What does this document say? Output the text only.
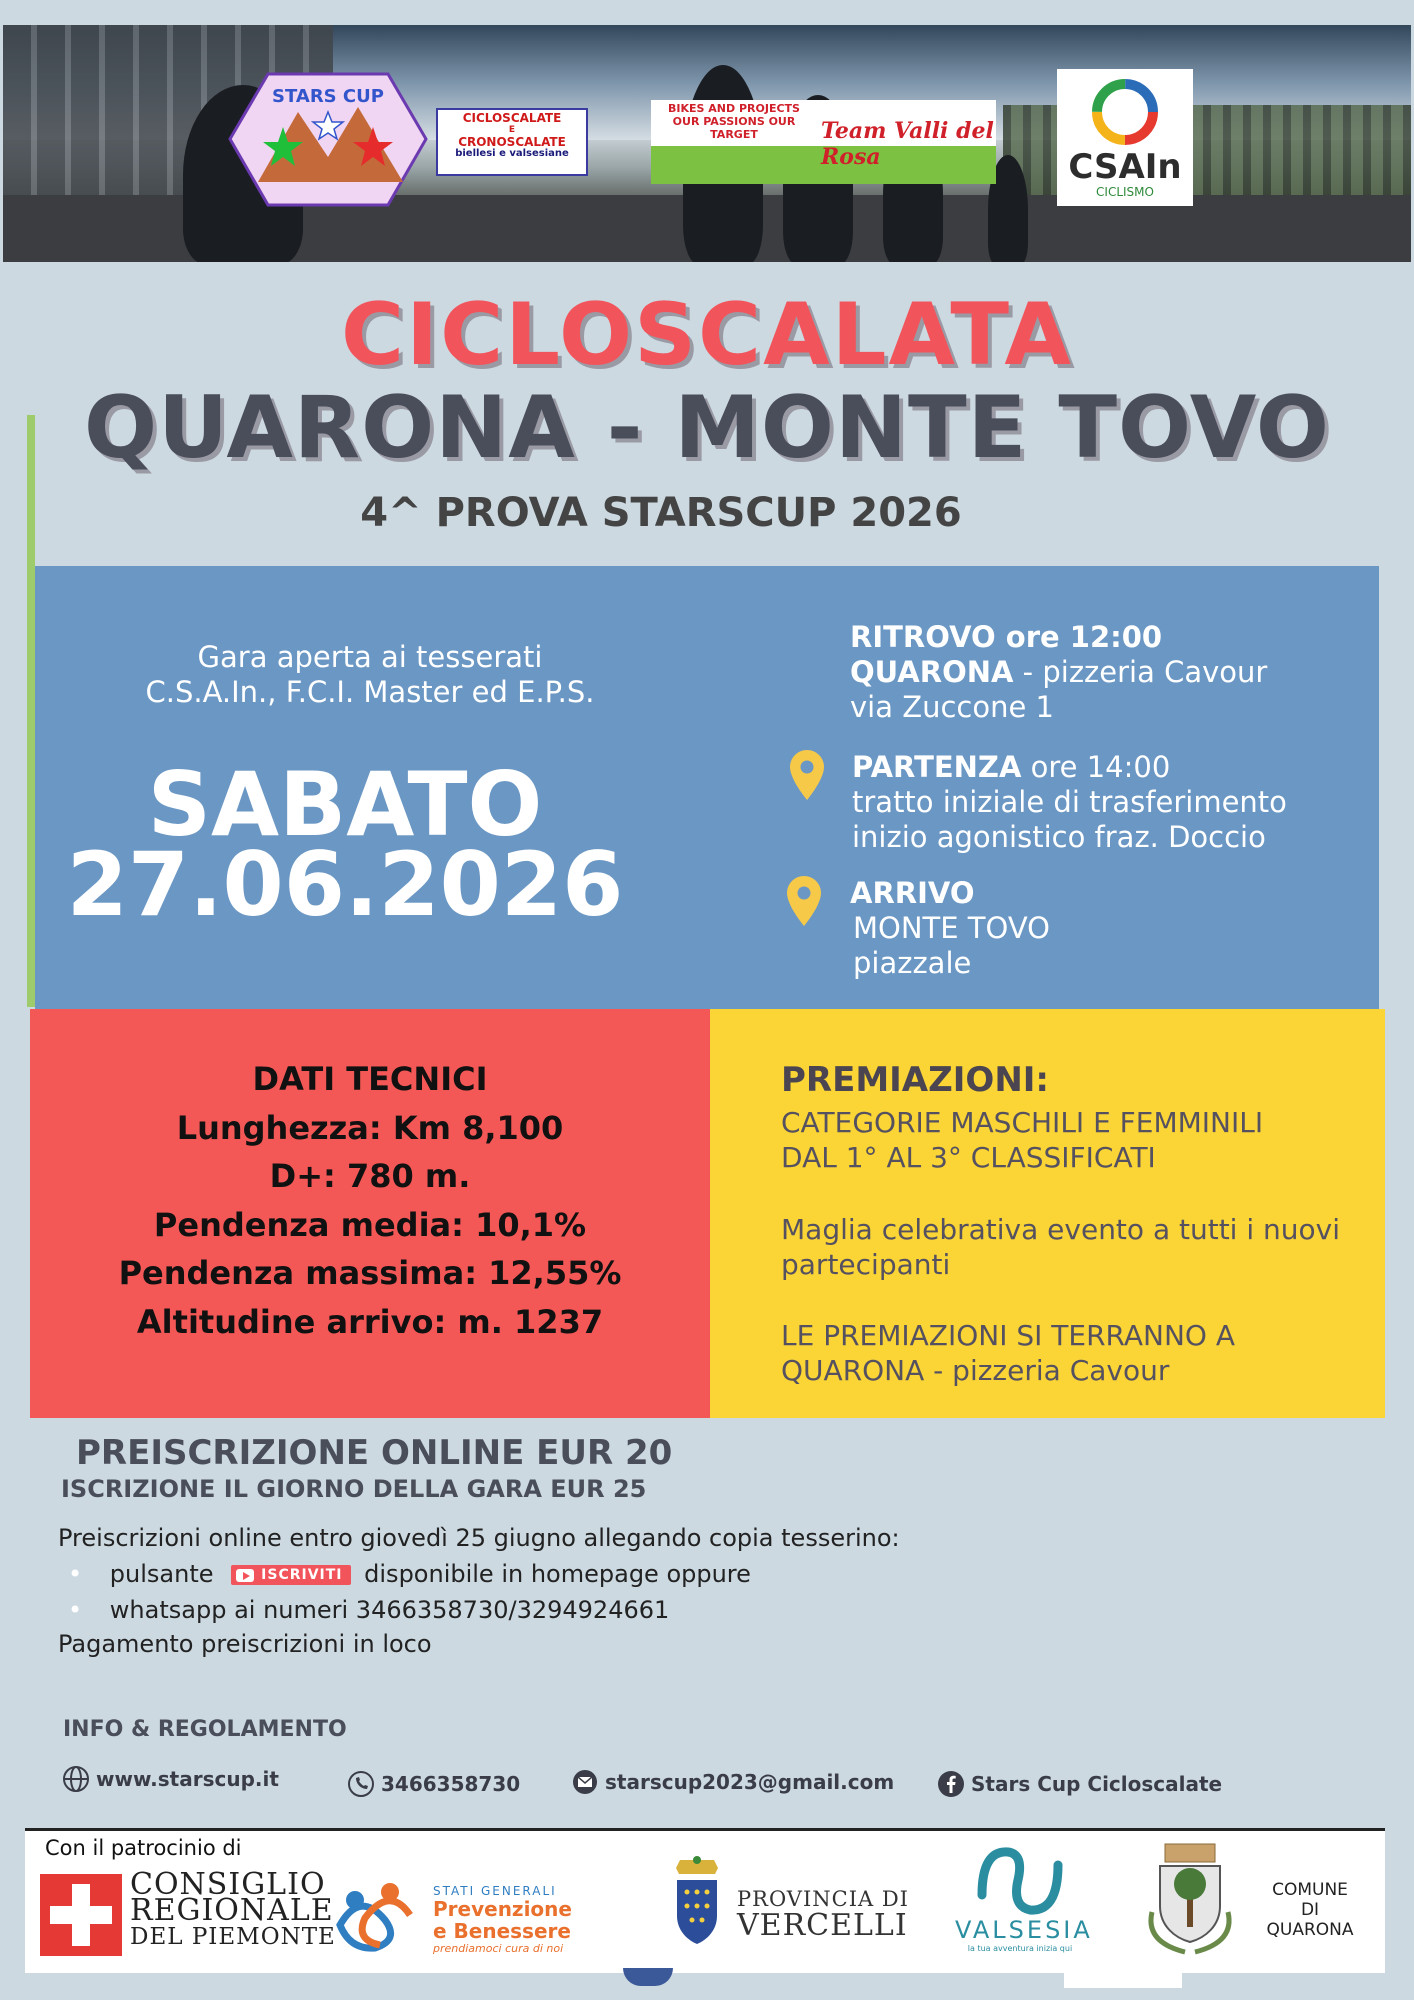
STARS CUP
CICLOSCALATE
E
CRONOSCALATE
biellesi e valsesiane
BIKES AND PROJECTS OUR PASSIONS OUR TARGET	Team Valli del Rosa	CSAIn
CICLISMO
CICLOSCALATA
QUARONA - MONTE TOVO
4^ PROVA STARSCUP 2026
Gara aperta ai tesserati
C.S.A.In., F.C.I. Master ed E.P.S.
SABATO
27.06.2026
RITROVO ore 12:00
QUARONA - pizzeria Cavour
via Zuccone 1
PARTENZA ore 14:00
tratto iniziale di trasferimento
inizio agonistico fraz. Doccio
ARRIVO
MONTE TOVO
piazzale
DATI TECNICI
Lunghezza: Km 8,100
D+: 780 m.
Pendenza media: 10,1%
Pendenza massima: 12,55%
Altitudine arrivo: m. 1237
PREMIAZIONI:
CATEGORIE MASCHILI E FEMMINILI
DAL 1° AL 3° CLASSIFICATI
Maglia celebrativa evento a tutti i nuovi
partecipanti
LE PREMIAZIONI SI TERRANNO A
QUARONA - pizzeria Cavour
PREISCRIZIONE ONLINE EUR 20
ISCRIZIONE IL GIORNO DELLA GARA EUR 25
Preiscrizioni online entro giovedì 25 giugno allegando copia tesserino:
• pulsante	ISCRIVITI disponibile in homepage oppure
• whatsapp ai numeri 3466358730/3294924661
Pagamento preiscrizioni in loco
INFO & REGOLAMENTO
www.starscup.it	3466358730	starscup2023@gmail.com	Stars Cup Cicloscalate
Con il patrocinio di
CONSIGLIO
REGIONALE
DEL PIEMONTE
STATI GENERALI
Prevenzione
e Benessere
prendiamoci cura di noi
PROVINCIA DI
VERCELLI VALSESIA
la tua avventura inizia qui
COMUNE
DI
QUARONA
